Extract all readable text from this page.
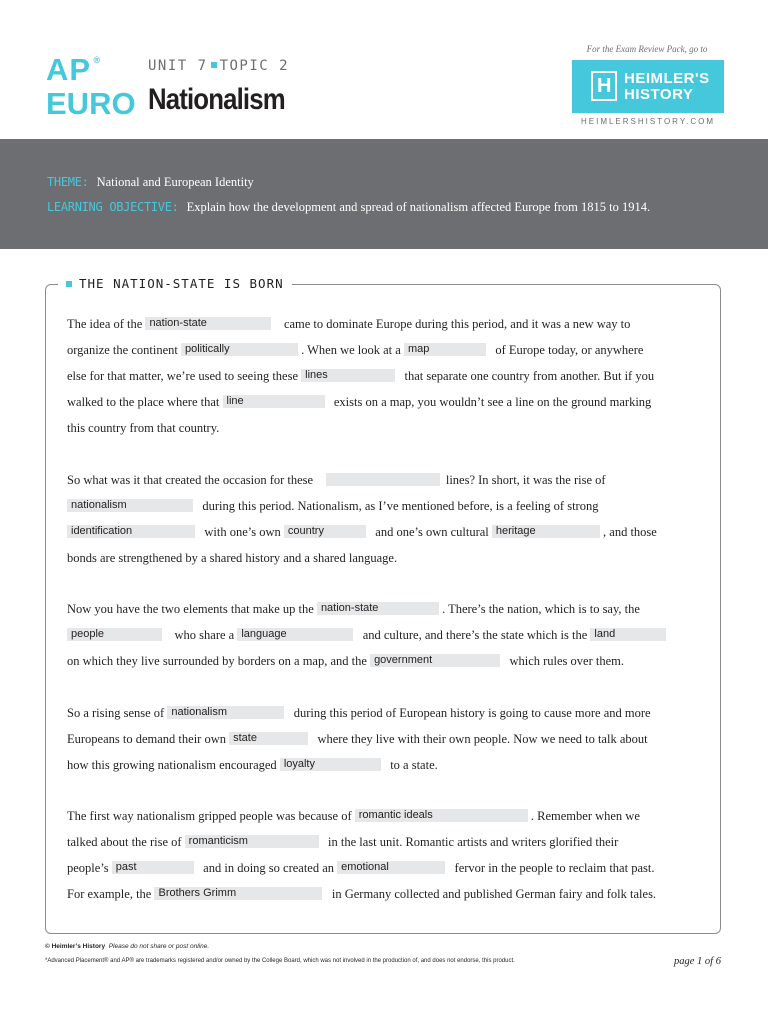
AP ®
EURO
UNIT 7 TOPIC 2
Nationalism
For the Exam Review Pack, go to
H
HEIMLER'S
HISTORY
HEIMLERSHISTORY.COM
THEME: National and European Identity
LEARNING OBJECTIVE: Explain how the development and spread of nationalism affected Europe from 1815 to 1914.
THE NATION-STATE IS BORN
The idea of the nation-state	came to dominate Europe during this period, and it was a new way to
organize the continent politically	. When we look at a map	of Europe today, or anywhere
else for that matter, we’re used to seeing these lines	that separate one country from another. But if you
walked to the place where that line	exists on a map, you wouldn’t see a line on the ground marking
this country from that country.
So what was it that created the occasion for these	lines? In short, it was the rise of
nationalism	during this period. Nationalism, as I’ve mentioned before, is a feeling of strong
identification	with one’s own country	and one’s own cultural heritage	, and those
bonds are strengthened by a shared history and a shared language.
Now you have the two elements that make up the nation-state	. There’s the nation, which is to say, the
people	who share a language	and culture, and there’s the state which is the land
on which they live surrounded by borders on a map, and the government	which rules over them.
So a rising sense of nationalism	during this period of European history is going to cause more and more
Europeans to demand their own state	where they live with their own people. Now we need to talk about
how this growing nationalism encouraged loyalty	to a state.
The first way nationalism gripped people was because of romantic ideals	. Remember when we
talked about the rise of romanticism	in the last unit. Romantic artists and writers glorified their
people’s past	and in doing so created an emotional	fervor in the people to reclaim that past.
For example, the Brothers Grimm	in Germany collected and published German fairy and folk tales.
© Heimler’s History Please do not share or post online.
*Advanced Placement® and AP® are trademarks registered and/or owned by the College Board, which was not involved in the production of, and does not endorse, this product.	page 1 of 6
